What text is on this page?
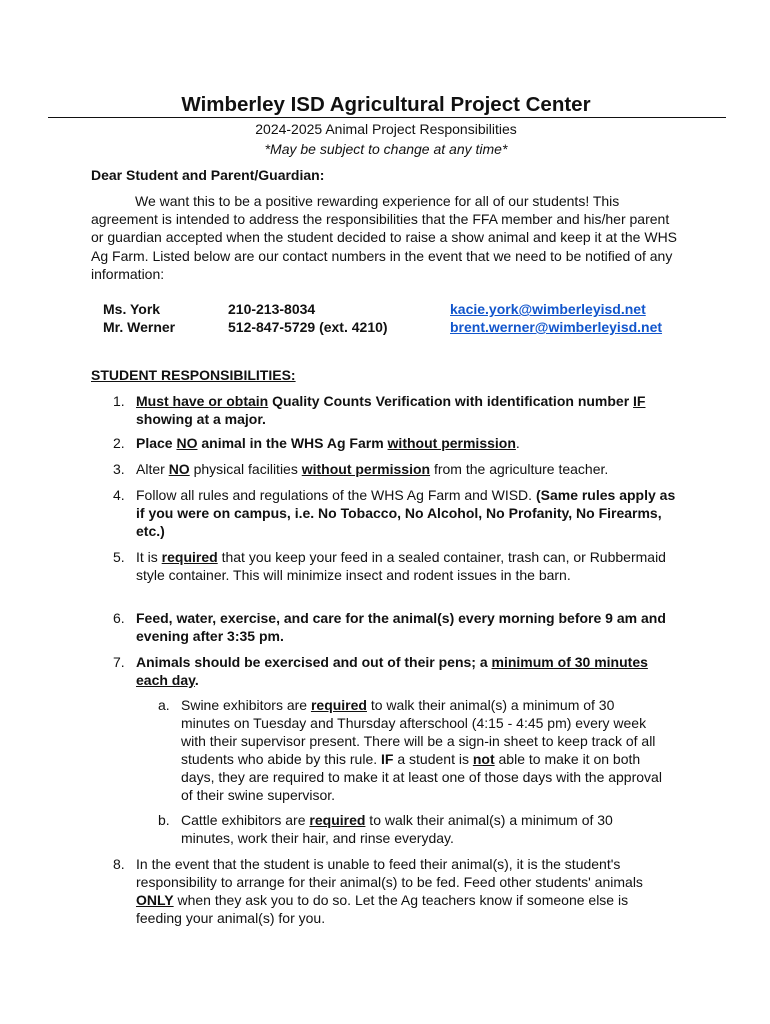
Wimberley ISD Agricultural Project Center
2024-2025 Animal Project Responsibilities
*May be subject to change at any time*
Dear Student and Parent/Guardian:

We want this to be a positive rewarding experience for all of our students! This agreement is intended to address the responsibilities that the FFA member and his/her parent or guardian accepted when the student decided to raise a show animal and keep it at the WHS Ag Farm. Listed below are our contact numbers in the event that we need to be notified of any information:

Ms. York	210-213-8034	kacie.york@wimberleyisd.net
Mr. Werner	512-847-5729 (ext. 4210)	brent.werner@wimberleyisd.net
STUDENT RESPONSIBILITIES:
1. Must have or obtain Quality Counts Verification with identification number IF showing at a major.
2. Place NO animal in the WHS Ag Farm without permission.
3. Alter NO physical facilities without permission from the agriculture teacher.
4. Follow all rules and regulations of the WHS Ag Farm and WISD. (Same rules apply as if you were on campus, i.e. No Tobacco, No Alcohol, No Profanity, No Firearms, etc.)
5. It is required that you keep your feed in a sealed container, trash can, or Rubbermaid style container. This will minimize insect and rodent issues in the barn.
6. Feed, water, exercise, and care for the animal(s) every morning before 9 am and evening after 3:35 pm.
7. Animals should be exercised and out of their pens; a minimum of 30 minutes each day.
a. Swine exhibitors are required to walk their animal(s) a minimum of 30 minutes on Tuesday and Thursday afterschool (4:15 - 4:45 pm) every week with their supervisor present. There will be a sign-in sheet to keep track of all students who abide by this rule. IF a student is not able to make it on both days, they are required to make it at least one of those days with the approval of their swine supervisor.
b. Cattle exhibitors are required to walk their animal(s) a minimum of 30 minutes, work their hair, and rinse everyday.
8. In the event that the student is unable to feed their animal(s), it is the student's responsibility to arrange for their animal(s) to be fed. Feed other students' animals ONLY when they ask you to do so. Let the Ag teachers know if someone else is feeding your animal(s) for you.
